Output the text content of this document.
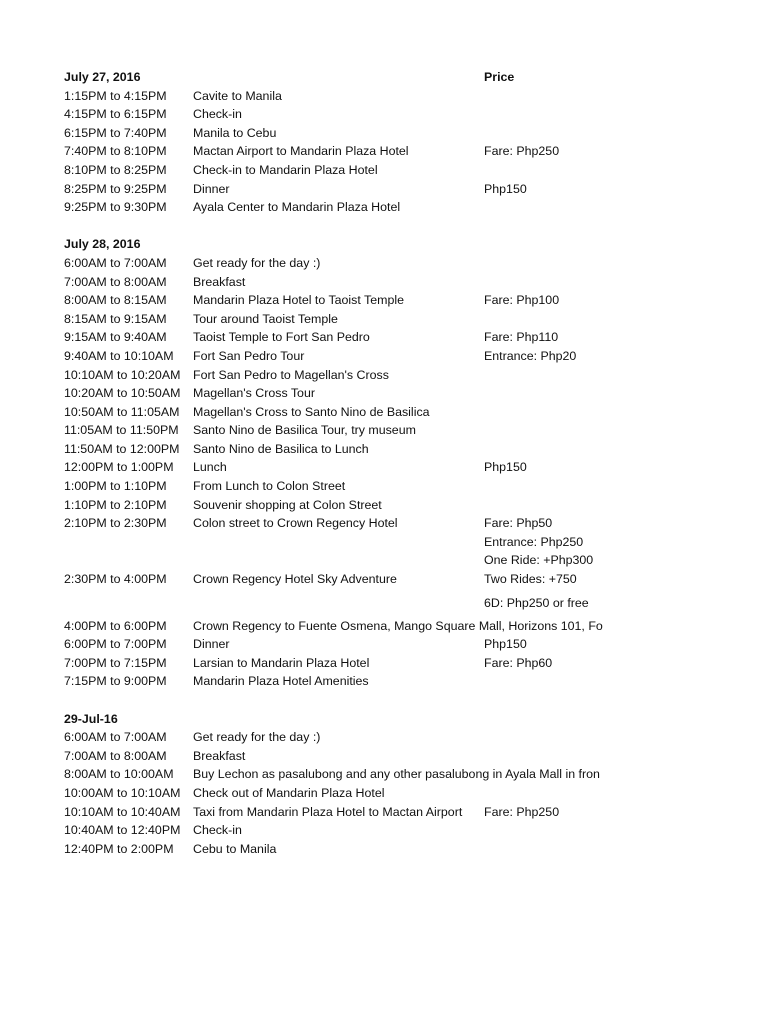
July 27, 2016	Price
1:15PM to 4:15PM	Cavite to Manila
4:15PM to 6:15PM	Check-in
6:15PM to 7:40PM	Manila to Cebu
7:40PM to 8:10PM	Mactan Airport to Mandarin Plaza Hotel	Fare: Php250
8:10PM to 8:25PM	Check-in to Mandarin Plaza Hotel
8:25PM to 9:25PM	Dinner	Php150
9:25PM to 9:30PM	Ayala Center to Mandarin Plaza Hotel
July 28, 2016
6:00AM to 7:00AM	Get ready for the day :)
7:00AM to 8:00AM	Breakfast
8:00AM to 8:15AM	Mandarin Plaza Hotel to Taoist Temple	Fare: Php100
8:15AM to 9:15AM	Tour around Taoist Temple
9:15AM to 9:40AM	Taoist Temple to Fort San Pedro	Fare: Php110
9:40AM to 10:10AM	Fort San Pedro Tour	Entrance: Php20
10:10AM to 10:20AM	Fort San Pedro to Magellan's Cross
10:20AM to 10:50AM	Magellan's Cross Tour
10:50AM to 11:05AM	Magellan's Cross to Santo Nino de Basilica
11:05AM to 11:50PM	Santo Nino de Basilica Tour, try museum
11:50AM to 12:00PM	Santo Nino de Basilica to Lunch
12:00PM to 1:00PM	Lunch	Php150
1:00PM to 1:10PM	From Lunch to Colon Street
1:10PM to 2:10PM	Souvenir shopping at Colon Street
2:10PM to 2:30PM	Colon street to Crown Regency Hotel	Fare: Php50
Entrance: Php250
One Ride: +Php300
2:30PM to 4:00PM	Crown Regency Hotel Sky Adventure	Two Rides: +750
6D: Php250 or free
4:00PM to 6:00PM	Crown Regency to Fuente Osmena, Mango Square Mall, Horizons 101, Fo
6:00PM to 7:00PM	Dinner	Php150
7:00PM to 7:15PM	Larsian to Mandarin Plaza Hotel	Fare: Php60
7:15PM to 9:00PM	Mandarin Plaza Hotel Amenities
29-Jul-16
6:00AM to 7:00AM	Get ready for the day :)
7:00AM to 8:00AM	Breakfast
8:00AM to 10:00AM	Buy Lechon as pasalubong and any other pasalubong in Ayala Mall in fron
10:00AM to 10:10AM	Check out of Mandarin Plaza Hotel
10:10AM to 10:40AM	Taxi from Mandarin Plaza Hotel to Mactan Airport	Fare: Php250
10:40AM to 12:40PM	Check-in
12:40PM to 2:00PM	Cebu to Manila
